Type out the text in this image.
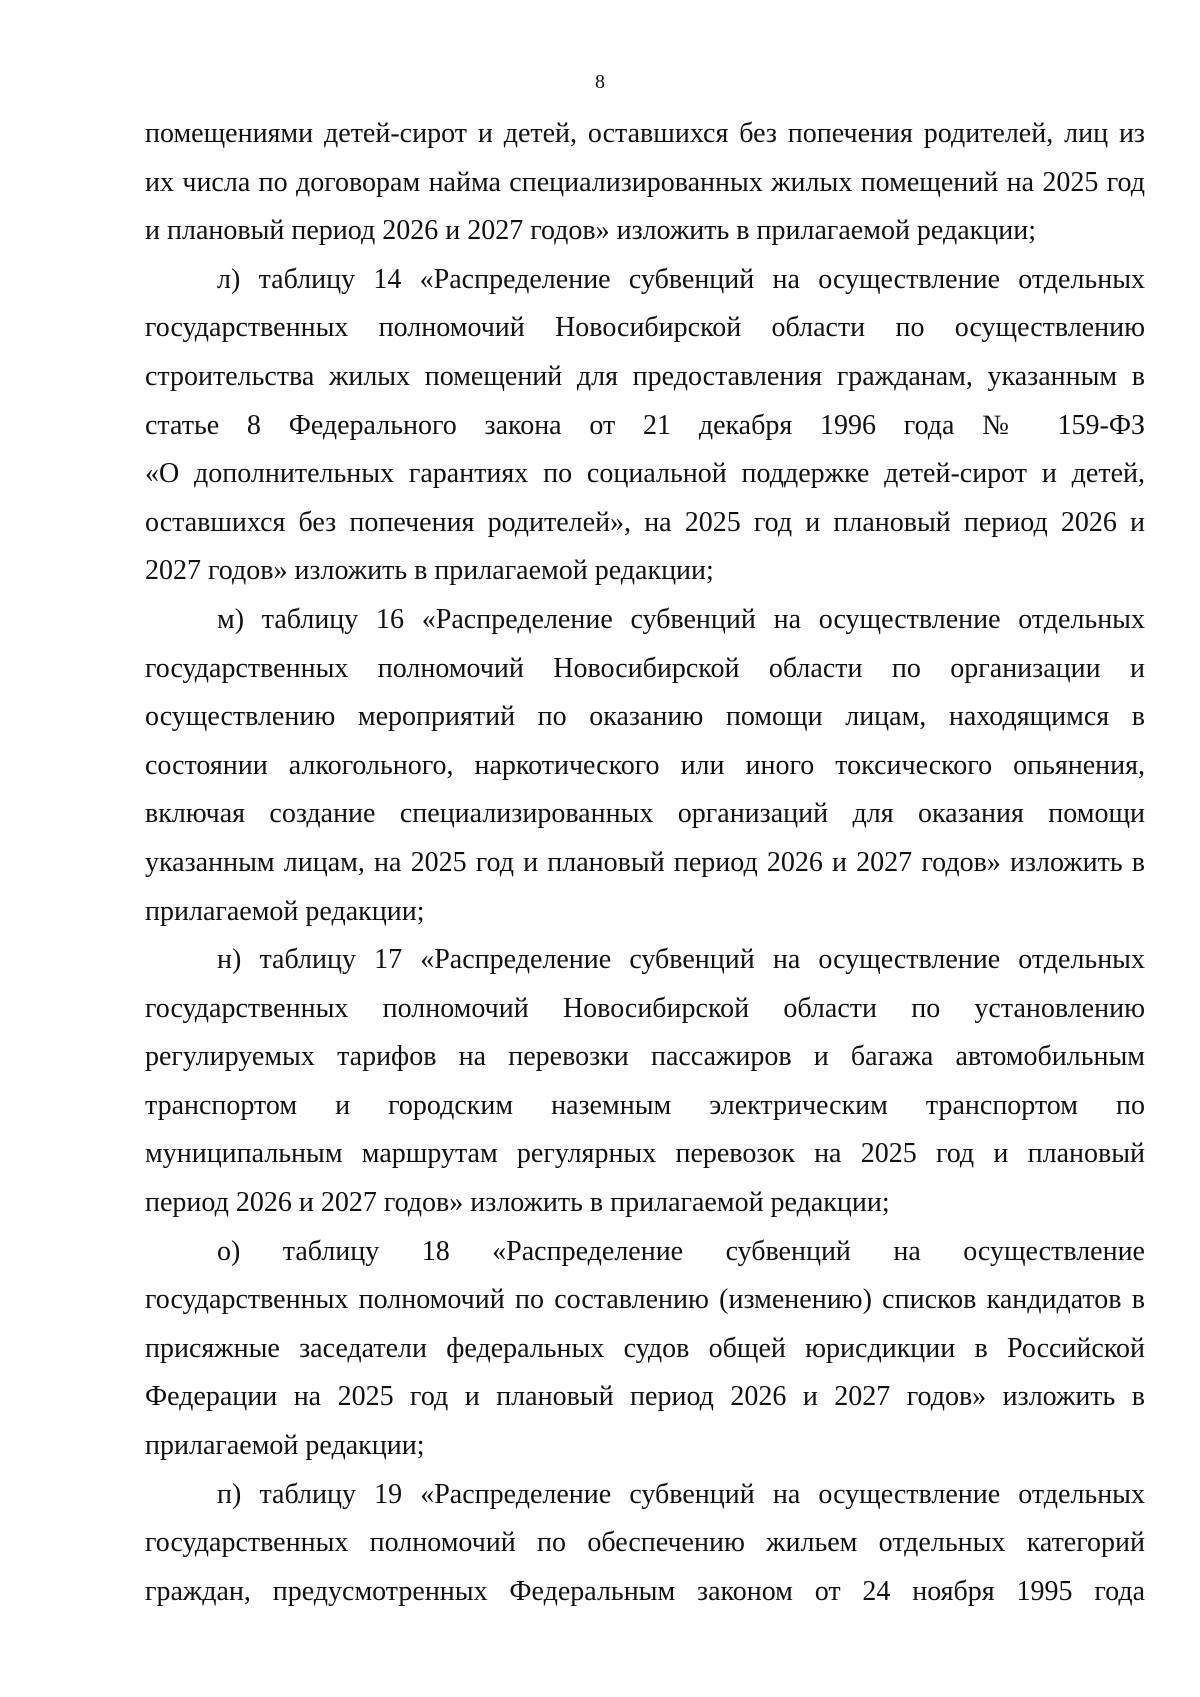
8
помещениями детей-сирот и детей, оставшихся без попечения родителей, лиц из
их числа по договорам найма специализированных жилых помещений на 2025 год
и плановый период 2026 и 2027 годов» изложить в прилагаемой редакции;
л) таблицу 14 «Распределение субвенций на осуществление отдельных
государственных полномочий Новосибирской области по осуществлению
строительства жилых помещений для предоставления гражданам, указанным в
статье 8 Федерального закона от 21 декабря 1996 года № 159-ФЗ
«О дополнительных гарантиях по социальной поддержке детей-сирот и детей,
оставшихся без попечения родителей», на 2025 год и плановый период 2026 и
2027 годов» изложить в прилагаемой редакции;
м) таблицу 16 «Распределение субвенций на осуществление отдельных
государственных полномочий Новосибирской области по организации и
осуществлению мероприятий по оказанию помощи лицам, находящимся в
состоянии алкогольного, наркотического или иного токсического опьянения,
включая создание специализированных организаций для оказания помощи
указанным лицам, на 2025 год и плановый период 2026 и 2027 годов» изложить в
прилагаемой редакции;
н) таблицу 17 «Распределение субвенций на осуществление отдельных
государственных полномочий Новосибирской области по установлению
регулируемых тарифов на перевозки пассажиров и багажа автомобильным
транспортом и городским наземным электрическим транспортом по
муниципальным маршрутам регулярных перевозок на 2025 год и плановый
период 2026 и 2027 годов» изложить в прилагаемой редакции;
о) таблицу 18 «Распределение субвенций на осуществление
государственных полномочий по составлению (изменению) списков кандидатов в
присяжные заседатели федеральных судов общей юрисдикции в Российской
Федерации на 2025 год и плановый период 2026 и 2027 годов» изложить в
прилагаемой редакции;
п) таблицу 19 «Распределение субвенций на осуществление отдельных
государственных полномочий по обеспечению жильем отдельных категорий
граждан, предусмотренных Федеральным законом от 24 ноября 1995 года
